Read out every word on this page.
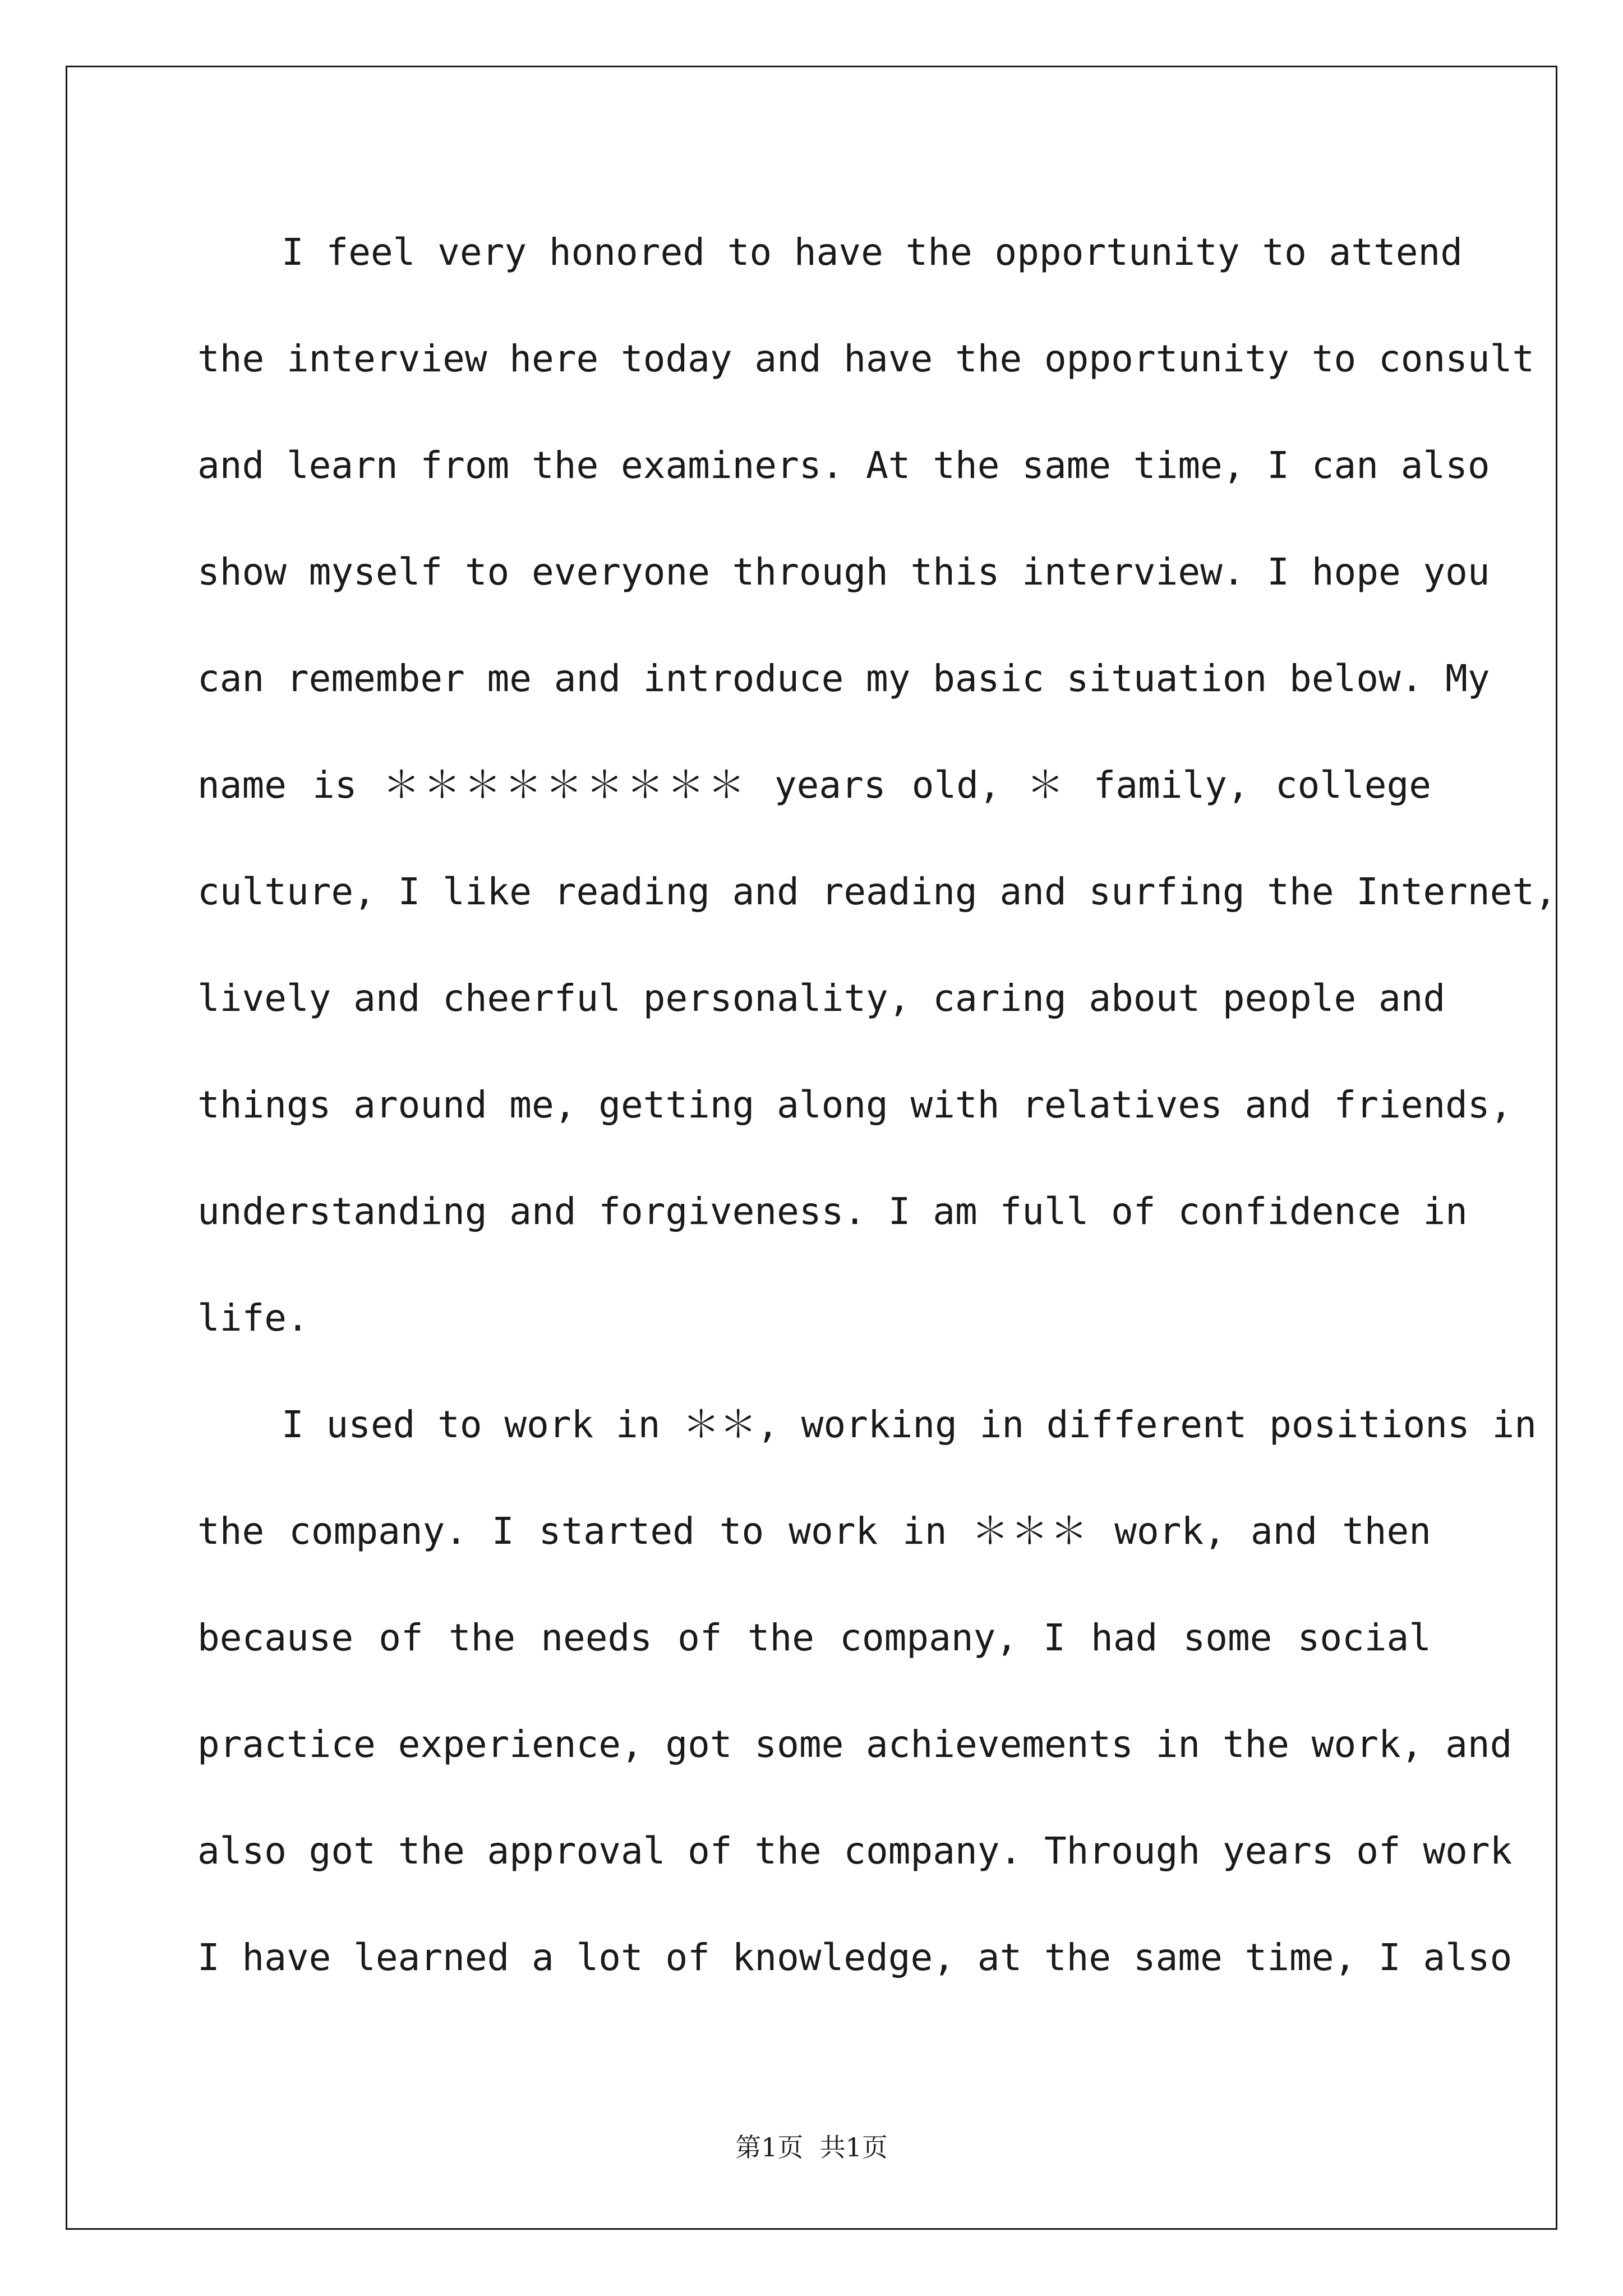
I feel very honored to have the opportunity to attend
the interview here today and have the opportunity to consult
and learn from the examiners. At the same time, I can also
show myself to everyone through this interview. I hope you
can remember me and introduce my basic situation below. My
name is ＊＊＊＊＊＊＊＊＊ years old, ＊ family, college
culture, I like reading and reading and surfing the Internet,
lively and cheerful personality, caring about people and
things around me, getting along with relatives and friends,
understanding and forgiveness. I am full of confidence in
life.
I used to work in ＊＊, working in different positions in
the company. I started to work in ＊＊＊ work, and then
because of the needs of the company, I had some social
practice experience, got some achievements in the work, and
also got the approval of the company. Through years of work
I have learned a lot of knowledge, at the same time, I also
第1页  共1页
